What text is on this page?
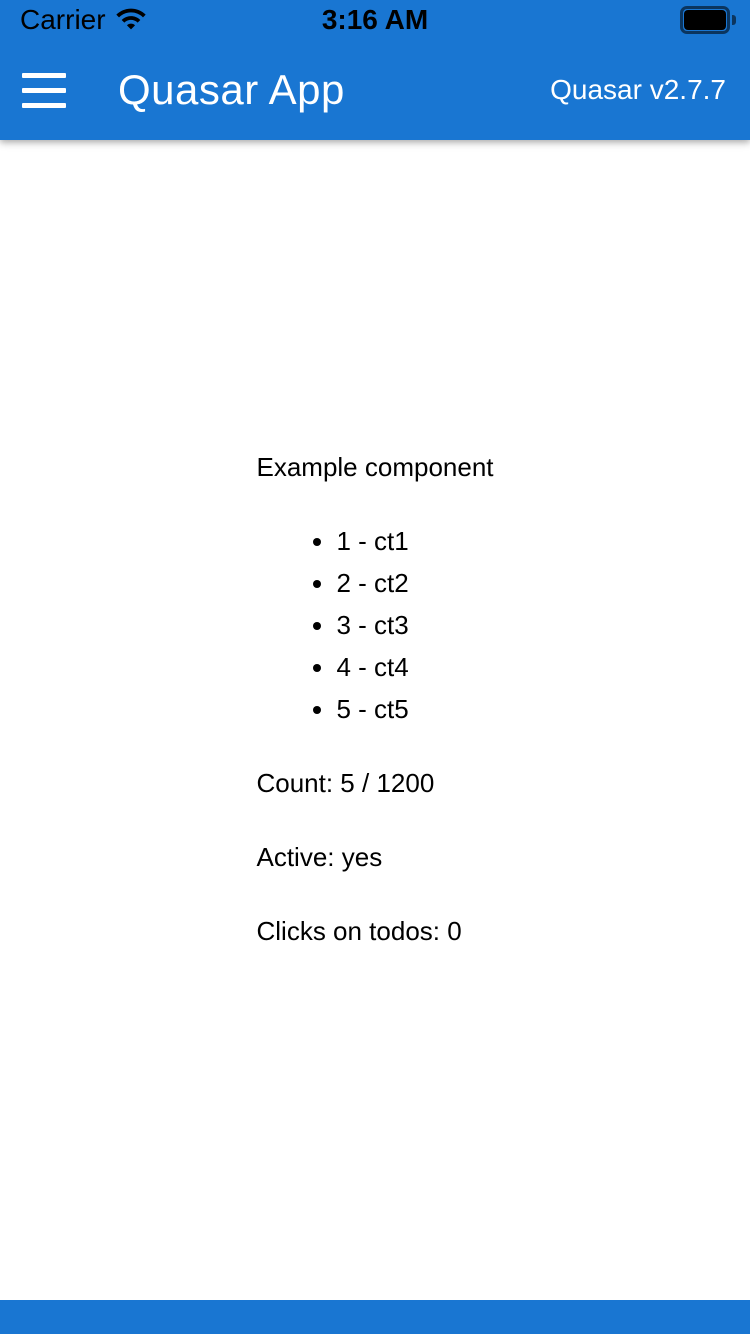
Carrier	3:16 AM
Quasar App	Quasar v2.7.7

Example component

• 1 - ct1
• 2 - ct2
• 3 - ct3
• 4 - ct4
• 5 - ct5

Count: 5 / 1200

Active: yes

Clicks on todos: 0
